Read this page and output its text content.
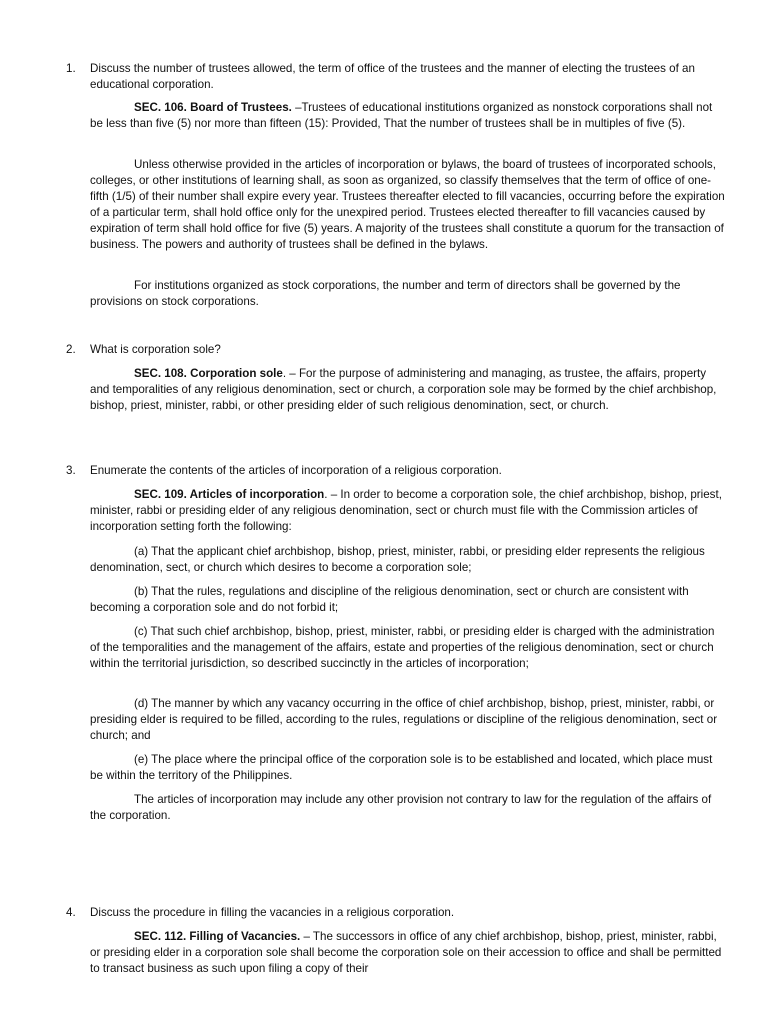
1. Discuss the number of trustees allowed, the term of office of the trustees and the manner of electing the trustees of an educational corporation.

SEC. 106. Board of Trustees. –Trustees of educational institutions organized as nonstock corporations shall not be less than five (5) nor more than fifteen (15): Provided, That the number of trustees shall be in multiples of five (5).

Unless otherwise provided in the articles of incorporation or bylaws, the board of trustees of incorporated schools, colleges, or other institutions of learning shall, as soon as organized, so classify themselves that the term of office of one-fifth (1/5) of their number shall expire every year. Trustees thereafter elected to fill vacancies, occurring before the expiration of a particular term, shall hold office only for the unexpired period. Trustees elected thereafter to fill vacancies caused by expiration of term shall hold office for five (5) years. A majority of the trustees shall constitute a quorum for the transaction of business. The powers and authority of trustees shall be defined in the bylaws.

For institutions organized as stock corporations, the number and term of directors shall be governed by the provisions on stock corporations.

2. What is corporation sole?

SEC. 108. Corporation sole. – For the purpose of administering and managing, as trustee, the affairs, property and temporalities of any religious denomination, sect or church, a corporation sole may be formed by the chief archbishop, bishop, priest, minister, rabbi, or other presiding elder of such religious denomination, sect, or church.

3. Enumerate the contents of the articles of incorporation of a religious corporation.

SEC. 109. Articles of incorporation. – In order to become a corporation sole, the chief archbishop, bishop, priest, minister, rabbi or presiding elder of any religious denomination, sect or church must file with the Commission articles of incorporation setting forth the following:

(a) That the applicant chief archbishop, bishop, priest, minister, rabbi, or presiding elder represents the religious denomination, sect, or church which desires to become a corporation sole;

(b) That the rules, regulations and discipline of the religious denomination, sect or church are consistent with becoming a corporation sole and do not forbid it;

(c) That such chief archbishop, bishop, priest, minister, rabbi, or presiding elder is charged with the administration of the temporalities and the management of the affairs, estate and properties of the religious denomination, sect or church within the territorial jurisdiction, so described succinctly in the articles of incorporation;

(d) The manner by which any vacancy occurring in the office of chief archbishop, bishop, priest, minister, rabbi, or presiding elder is required to be filled, according to the rules, regulations or discipline of the religious denomination, sect or church; and

(e) The place where the principal office of the corporation sole is to be established and located, which place must be within the territory of the Philippines.

The articles of incorporation may include any other provision not contrary to law for the regulation of the affairs of the corporation.

4. Discuss the procedure in filling the vacancies in a religious corporation.

SEC. 112. Filling of Vacancies. – The successors in office of any chief archbishop, bishop, priest, minister, rabbi, or presiding elder in a corporation sole shall become the corporation sole on their accession to office and shall be permitted to transact business as such upon filing a copy of their
